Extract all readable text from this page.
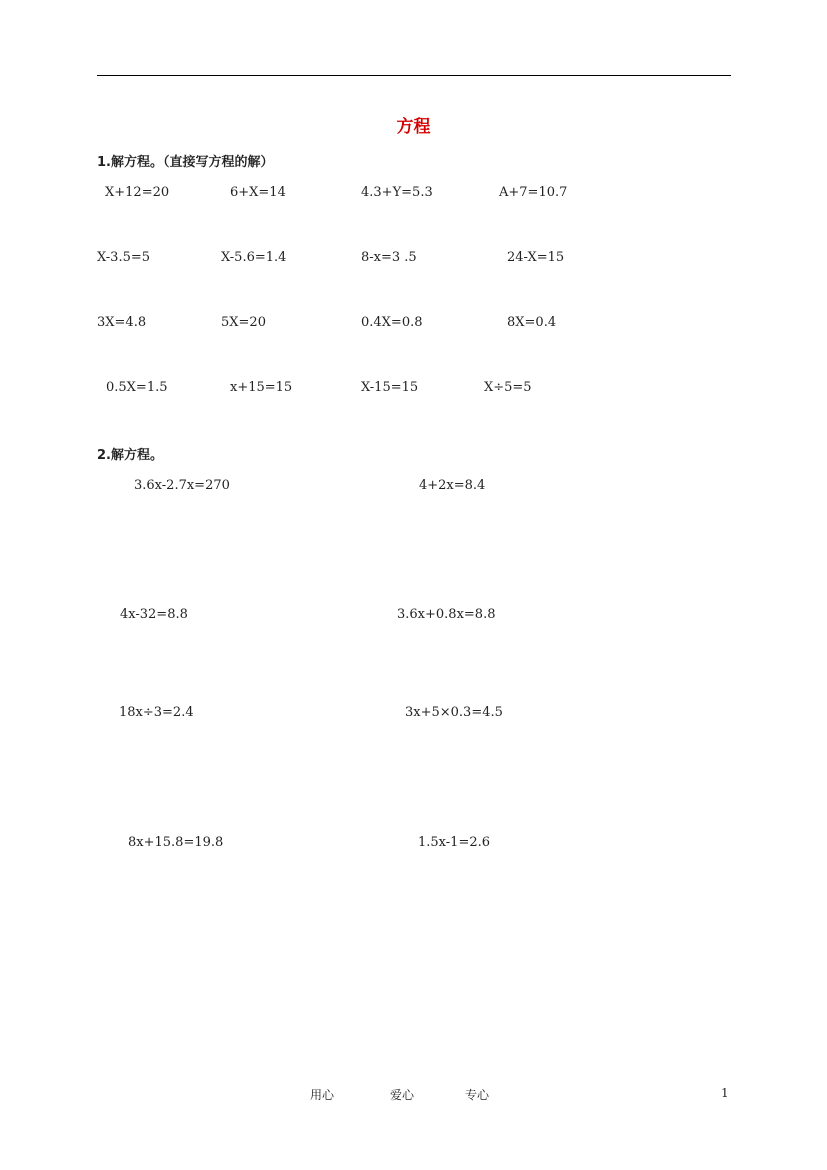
方程
1.解方程。（直接写方程的解）
X+12=20	6+X=14	4.3+Y=5.3	A+7=10.7
X-3.5=5	X-5.6=1.4	8-x=3 .5	24-X=15
3X=4.8	5X=20	0.4X=0.8	8X=0.4
0.5X=1.5	x+15=15	X-15=15	X÷5=5
2.解方程。
3.6x-2.7x=270	4+2x=8.4
4x-32=8.8	3.6x+0.8x=8.8
18x÷3=2.4	3x+5×0.3=4.5
8x+15.8=19.8	1.5x-1=2.6
用心	爱心	专心	1
